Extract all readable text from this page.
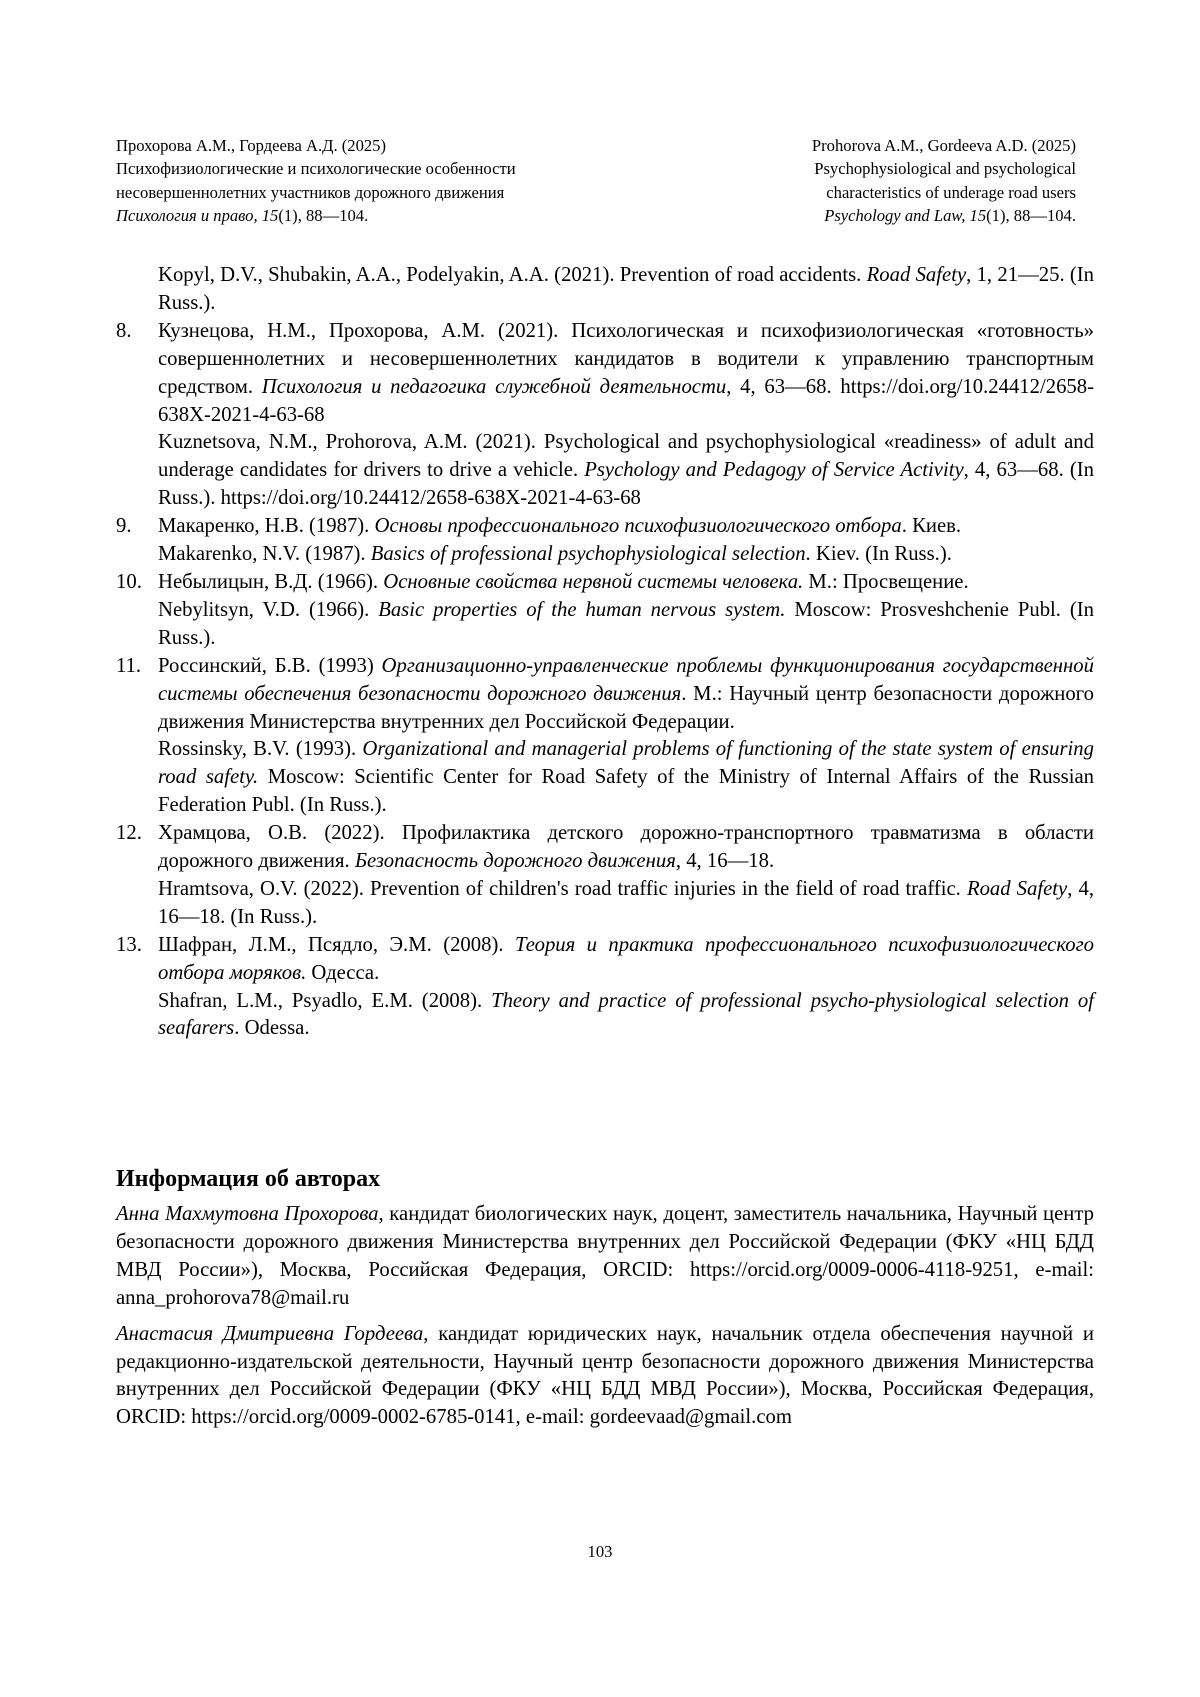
Прохорова А.М., Гордеева А.Д. (2025)
Психофизиологические и психологические особенности
несовершеннолетних участников дорожного движения
Психология и право, 15(1), 88—104.
Prohorova A.M., Gordeeva A.D. (2025)
Psychophysiological and psychological
characteristics of underage road users
Psychology and Law, 15(1), 88—104.

Kopyl, D.V., Shubakin, A.A., Podelyakin, A.A. (2021). Prevention of road accidents. Road Safety, 1, 21—25. (In Russ.).

8. Кузнецова, Н.М., Прохорова, А.М. (2021). Психологическая и психофизиологическая «готовность» совершеннолетних и несовершеннолетних кандидатов в водители к управлению транспортным средством. Психология и педагогика служебной деятельности, 4, 63—68. https://doi.org/10.24412/2658-638X-2021-4-63-68

Kuznetsova, N.M., Prohorova, A.M. (2021). Psychological and psychophysiological «readiness» of adult and underage candidates for drivers to drive a vehicle. Psychology and Pedagogy of Service Activity, 4, 63—68. (In Russ.). https://doi.org/10.24412/2658-638X-2021-4-63-68

9. Макаренко, Н.В. (1987). Основы профессионального психофизиологического отбора. Киев.

Makarenko, N.V. (1987). Basics of professional psychophysiological selection. Kiev. (In Russ.).

10. Небылицын, В.Д. (1966). Основные свойства нервной системы человека. М.: Просвещение.

Nebylitsyn, V.D. (1966). Basic properties of the human nervous system. Moscow: Prosveshchenie Publ. (In Russ.).

11. Россинский, Б.В. (1993) Организационно-управленческие проблемы функционирования государственной системы обеспечения безопасности дорожного движения. М.: Научный центр безопасности дорожного движения Министерства внутренних дел Российской Федерации.

Rossinsky, B.V. (1993). Organizational and managerial problems of functioning of the state system of ensuring road safety. Moscow: Scientific Center for Road Safety of the Ministry of Internal Affairs of the Russian Federation Publ. (In Russ.).

12. Храмцова, О.В. (2022). Профилактика детского дорожно-транспортного травматизма в области дорожного движения. Безопасность дорожного движения, 4, 16—18.

Hramtsova, O.V. (2022). Prevention of children's road traffic injuries in the field of road traffic. Road Safety, 4, 16—18. (In Russ.).

13. Шафран, Л.М., Псядло, Э.М. (2008). Теория и практика профессионального психофизиологического отбора моряков. Одесса.

Shafran, L.M., Psyadlo, E.M. (2008). Theory and practice of professional psycho-physiological selection of seafarers. Odessa.

Информация об авторах

Анна Махмутовна Прохорова, кандидат биологических наук, доцент, заместитель начальника, Научный центр безопасности дорожного движения Министерства внутренних дел Российской Федерации (ФКУ «НЦ БДД МВД России»), Москва, Российская Федерация, ORCID: https://orcid.org/0009-0006-4118-9251, e-mail: anna_prohorova78@mail.ru

Анастасия Дмитриевна Гордеева, кандидат юридических наук, начальник отдела обеспечения научной и редакционно-издательской деятельности, Научный центр безопасности дорожного движения Министерства внутренних дел Российской Федерации (ФКУ «НЦ БДД МВД России»), Москва, Российская Федерация, ORCID: https://orcid.org/0009-0002-6785-0141, e-mail: gordeevaad@gmail.com

103
